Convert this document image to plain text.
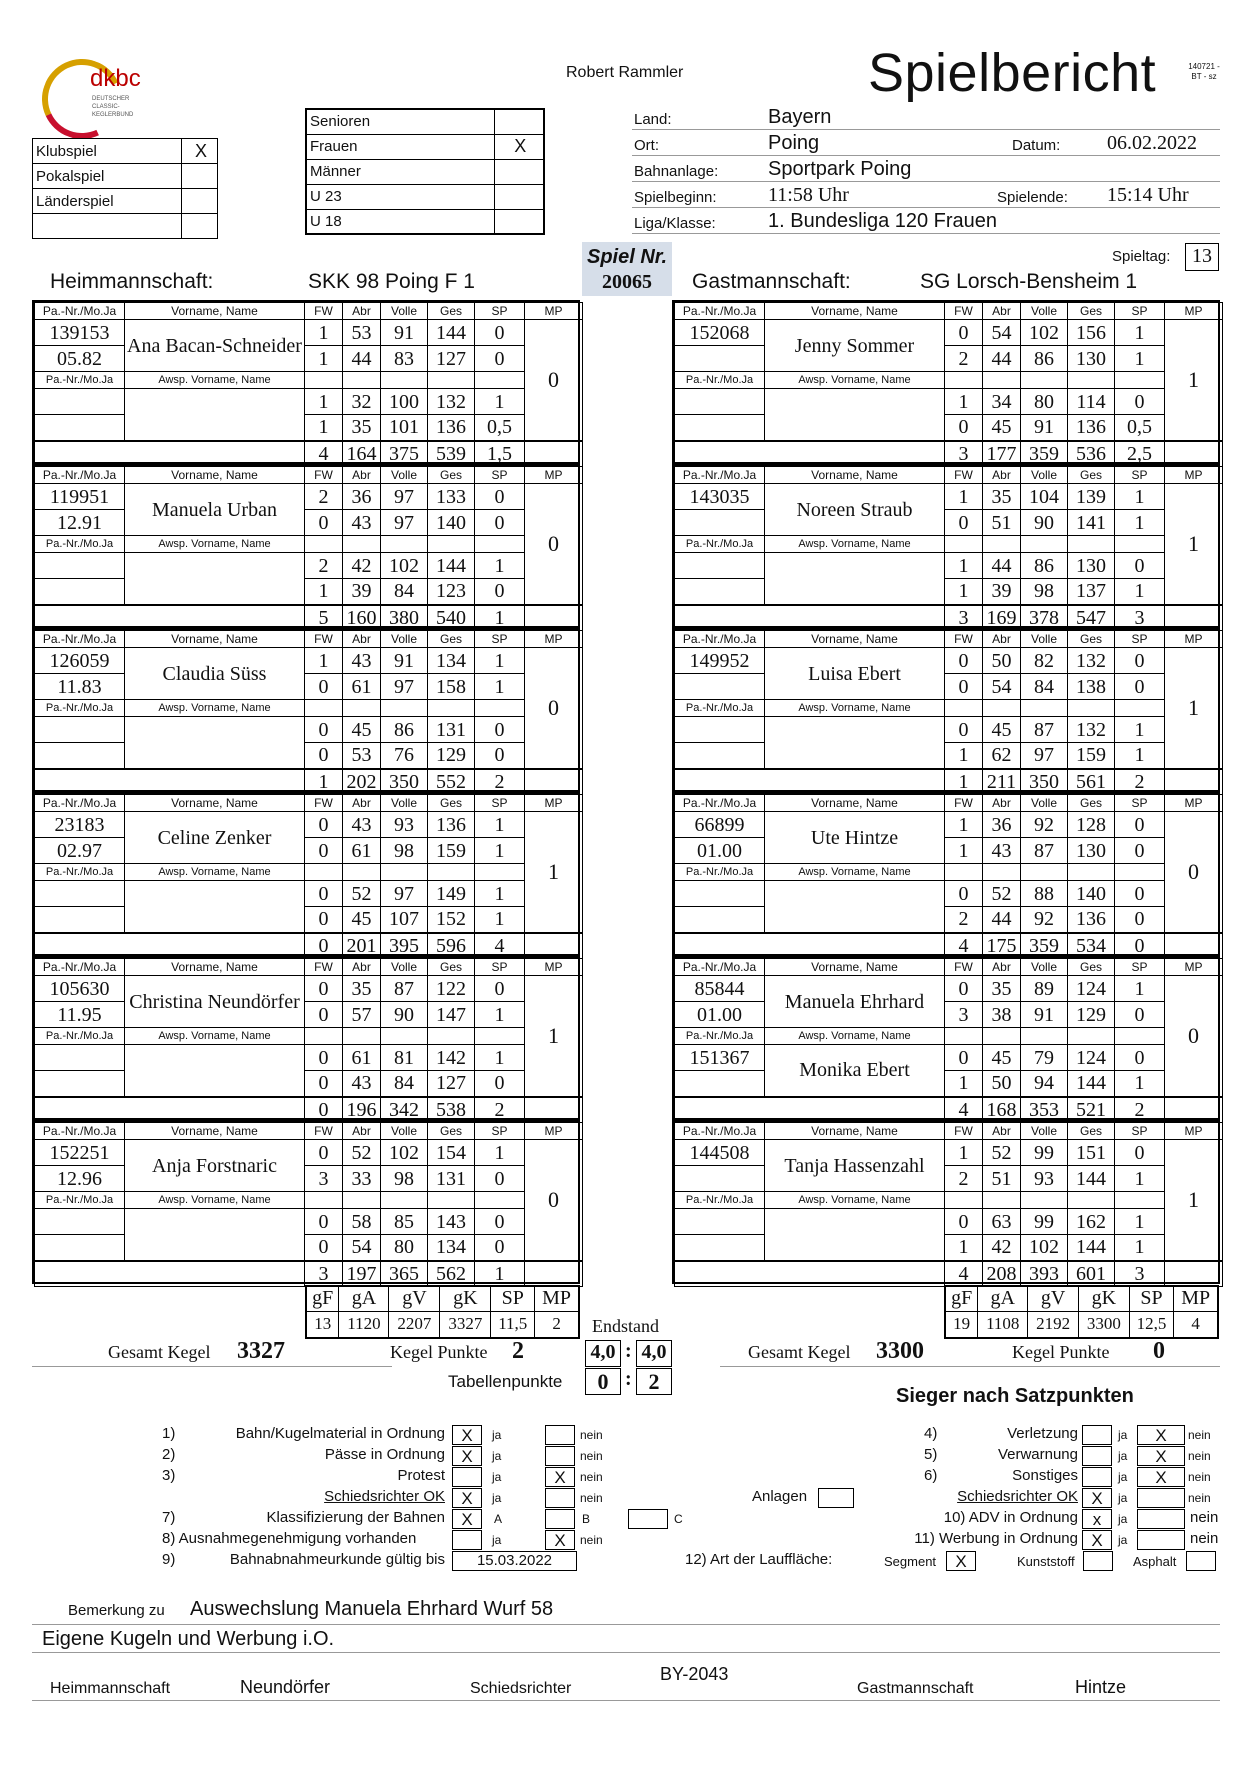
dkbc
DEUTSCHER CLASSIC-KEGLERBUND
Robert Rammler	Spielbericht	140721 - BT - sz
Klubspiel	X
Pokalspiel	
Länderspiel	

Senioren	
Frauen	X
Männer	
U 23	
U 18	
Land:	Bayern
Ort:	Poing	Datum: 06.02.2022
Bahnanlage: Sportpark Poing
Spielbeginn:	11:58 Uhr	Spielende: 15:14 Uhr
Liga/Klasse:	1. Bundesliga 120 Frauen
Spiel Nr.
20065
Spieltag:	13
Heimmannschaft:	SKK 98 Poing F 1	Gastmannschaft:	SG Lorsch-Bensheim 1
Pa.-Nr./Mo.Ja	Vorname, Name	FW	Abr	Volle	Ges	SP	MP
139153	Ana Bacan-Schneider	1	53	91	144	0	0
05.82		1	44	83	127	0	
Pa.-Nr./Mo.Ja	Awsp. Vorname, Name						
		1	32	100	132	1	
		1	35	101	136	0,5	
		4	164	375	539	1,5	
Pa.-Nr./Mo.Ja	Vorname, Name	FW	Abr	Volle	Ges	SP	MP
119951	Manuela Urban	2	36	97	133	0	0
12.91		0	43	97	140	0	
Pa.-Nr./Mo.Ja	Awsp. Vorname, Name						
		2	42	102	144	1	
		1	39	84	123	0	
		5	160	380	540	1	
Pa.-Nr./Mo.Ja	Vorname, Name	FW	Abr	Volle	Ges	SP	MP
126059	Claudia Süss	1	43	91	134	1	0
11.83		0	61	97	158	1	
Pa.-Nr./Mo.Ja	Awsp. Vorname, Name						
		0	45	86	131	0	
		0	53	76	129	0	
		1	202	350	552	2	
Pa.-Nr./Mo.Ja	Vorname, Name	FW	Abr	Volle	Ges	SP	MP
23183	Celine Zenker	0	43	93	136	1	1
02.97		0	61	98	159	1	
Pa.-Nr./Mo.Ja	Awsp. Vorname, Name						
		0	52	97	149	1	
		0	45	107	152	1	
		0	201	395	596	4	
Pa.-Nr./Mo.Ja	Vorname, Name	FW	Abr	Volle	Ges	SP	MP
105630	Christina Neundörfer	0	35	87	122	0	1
11.95		0	57	90	147	1	
Pa.-Nr./Mo.Ja	Awsp. Vorname, Name						
		0	61	81	142	1	
		0	43	84	127	0	
		0	196	342	538	2	
Pa.-Nr./Mo.Ja	Vorname, Name	FW	Abr	Volle	Ges	SP	MP
152251	Anja Forstnaric	0	52	102	154	1	0
12.96		3	33	98	131	0	
Pa.-Nr./Mo.Ja	Awsp. Vorname, Name						
		0	58	85	143	0	
		0	54	80	134	0	
		3	197	365	562	1	
Pa.-Nr./Mo.Ja	Vorname, Name	FW	Abr	Volle	Ges	SP	MP
152068	Jenny Sommer	0	54	102	156	1	1
		2	44	86	130	1	
Pa.-Nr./Mo.Ja	Awsp. Vorname, Name						
		1	34	80	114	0	
		0	45	91	136	0,5	
		3	177	359	536	2,5	
Pa.-Nr./Mo.Ja	Vorname, Name	FW	Abr	Volle	Ges	SP	MP
143035	Noreen Straub	1	35	104	139	1	1
		0	51	90	141	1	
Pa.-Nr./Mo.Ja	Awsp. Vorname, Name						
		1	44	86	130	0	
		1	39	98	137	1	
		3	169	378	547	3	
Pa.-Nr./Mo.Ja	Vorname, Name	FW	Abr	Volle	Ges	SP	MP
149952	Luisa Ebert	0	50	82	132	0	1
		0	54	84	138	0	
Pa.-Nr./Mo.Ja	Awsp. Vorname, Name						
		0	45	87	132	1	
		1	62	97	159	1	
		1	211	350	561	2	
Pa.-Nr./Mo.Ja	Vorname, Name	FW	Abr	Volle	Ges	SP	MP
66899	Ute Hintze	1	36	92	128	0	0
01.00		1	43	87	130	0	
Pa.-Nr./Mo.Ja	Awsp. Vorname, Name						
		0	52	88	140	0	
		2	44	92	136	0	
		4	175	359	534	0	
Pa.-Nr./Mo.Ja	Vorname, Name	FW	Abr	Volle	Ges	SP	MP
85844	Manuela Ehrhard	0	35	89	124	1	0
01.00		3	38	91	129	0	
Pa.-Nr./Mo.Ja	Awsp. Vorname, Name						
151367	Monika Ebert	0	45	79	124	0	
		1	50	94	144	1	
		4	168	353	521	2	
Pa.-Nr./Mo.Ja	Vorname, Name	FW	Abr	Volle	Ges	SP	MP
144508	Tanja Hassenzahl	1	52	99	151	0	1
		2	51	93	144	1	
Pa.-Nr./Mo.Ja	Awsp. Vorname, Name						
		0	63	99	162	1	
		1	42	102	144	1	
		4	208	393	601	3	
gF	gA	gV	gK	SP	MP
13	1120	2207	3327	11,5	2
gF	gA	gV	gK	SP	MP
19	1108	2192	3300	12,5	4
Endstand
Gesamt Kegel 3327	Kegel Punkte 2	4,0 : 4,0
Tabellenpunkte	0 : 2
Gesamt Kegel 3300	Kegel Punkte 0
Sieger nach Satzpunkten
1)	Bahn/Kugelmaterial in Ordnung X	ja	nein
2)	Pässe in Ordnung X	ja	nein
3)	Protest	ja	X	nein
Schiedsrichter OK X	ja	nein
7)	Klassifizierung der Bahnen X	A	B	C
8) Ausnahmegenehmigung vorhanden	ja	X	nein
9)	Bahnabnahmeurkunde gültig bis	15.03.2022
Anlagen
12) Art der Lauffläche:
4)	Verletzung	ja	X	nein
5)	Verwarnung	ja	X	nein
6)	Sonstiges	ja	X	nein
Schiedsrichter OK X	ja	nein
10) ADV in Ordnung x	ja	nein
11) Werbung in Ordnung X	ja	nein
Segment	X	Kunststoff	Asphalt
Bemerkung zu Auswechslung Manuela Ehrhard Wurf 58
Eigene Kugeln und Werbung i.O.
Heimmannschaft	Neundörfer	Schiedsrichter
BY-2043
Gastmannschaft	Hintze
